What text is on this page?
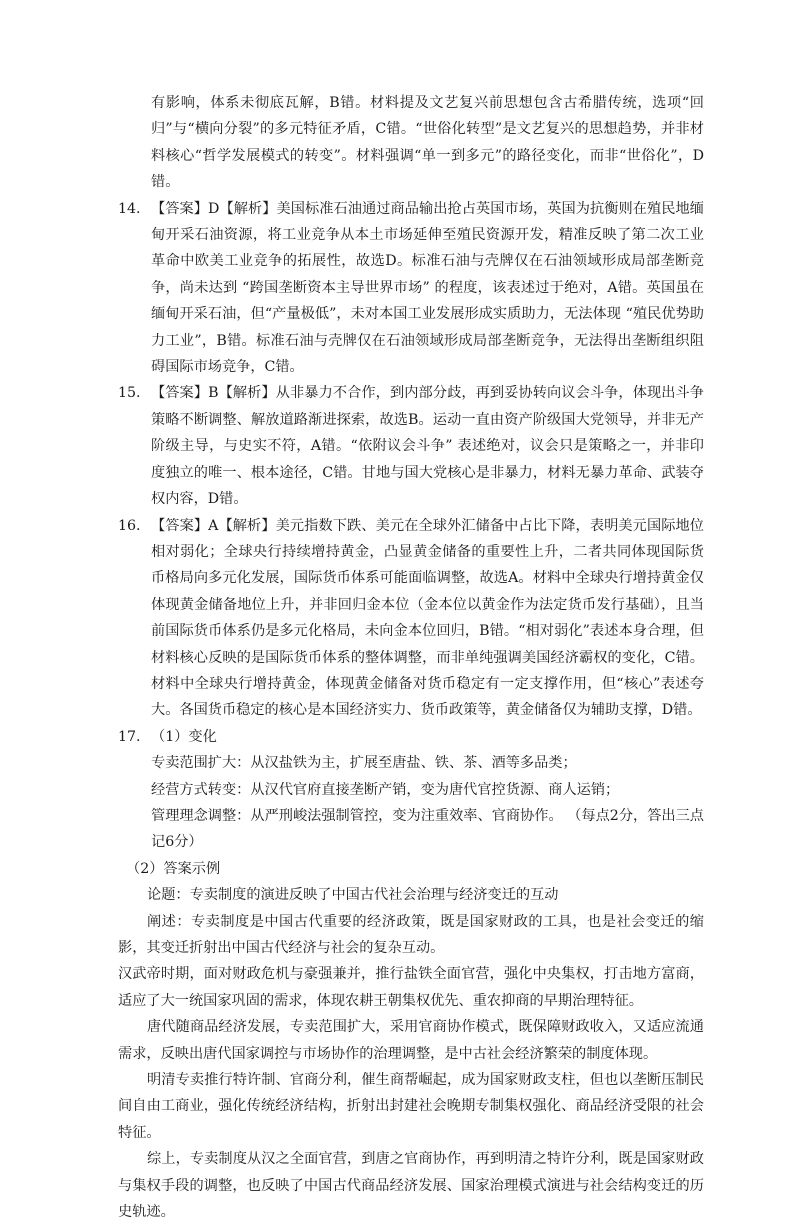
有影响，体系未彻底瓦解，B错。材料提及文艺复兴前思想包含古希腊传统，选项“回归”与“横向分裂”的多元特征矛盾，C错。“世俗化转型”是文艺复兴的思想趋势，并非材料核心“哲学发展模式的转变”。材料强调“单一到多元”的路径变化，而非“世俗化”，D错。

14. 【答案】D【解析】美国标准石油通过商品输出抢占英国市场，英国为抗衡则在殖民地缅甸开采石油资源，将工业竞争从本土市场延伸至殖民资源开发，精准反映了第二次工业革命中欧美工业竞争的拓展性，故选D。标准石油与壳牌仅在石油领域形成局部垄断竞争，尚未达到 “跨国垄断资本主导世界市场” 的程度，该表述过于绝对，A错。英国虽在缅甸开采石油，但“产量极低”，未对本国工业发展形成实质助力，无法体现 “殖民优势助力工业”，B错。标准石油与壳牌仅在石油领域形成局部垄断竞争，无法得出垄断组织阻碍国际市场竞争，C错。

15. 【答案】B【解析】从非暴力不合作，到内部分歧，再到妥协转向议会斗争，体现出斗争策略不断调整、解放道路渐进探索，故选B。运动一直由资产阶级国大党领导，并非无产阶级主导，与史实不符，A错。“依附议会斗争” 表述绝对，议会只是策略之一，并非印度独立的唯一、根本途径，C错。甘地与国大党核心是非暴力，材料无暴力革命、武装夺权内容，D错。

16. 【答案】A【解析】美元指数下跌、美元在全球外汇储备中占比下降，表明美元国际地位相对弱化；全球央行持续增持黄金，凸显黄金储备的重要性上升，二者共同体现国际货币格局向多元化发展，国际货币体系可能面临调整，故选A。材料中全球央行增持黄金仅体现黄金储备地位上升，并非回归金本位（金本位以黄金作为法定货币发行基础），且当前国际货币体系仍是多元化格局，未向金本位回归，B错。“相对弱化”表述本身合理，但材料核心反映的是国际货币体系的整体调整，而非单纯强调美国经济霸权的变化，C错。材料中全球央行增持黄金，体现黄金储备对货币稳定有一定支撑作用，但“核心”表述夸大。各国货币稳定的核心是本国经济实力、货币政策等，黄金储备仅为辅助支撑，D错。

17. （1）变化

专卖范围扩大：从汉盐铁为主，扩展至唐盐、铁、茶、酒等多品类；

经营方式转变：从汉代官府直接垄断产销，变为唐代官控货源、商人运销；

管理理念调整：从严刑峻法强制管控，变为注重效率、官商协作。 （每点2分，答出三点记6分）

（2）答案示例

论题：专卖制度的演进反映了中国古代社会治理与经济变迁的互动

阐述：专卖制度是中国古代重要的经济政策，既是国家财政的工具，也是社会变迁的缩影，其变迁折射出中国古代经济与社会的复杂互动。

汉武帝时期，面对财政危机与豪强兼并，推行盐铁全面官营，强化中央集权，打击地方富商，适应了大一统国家巩固的需求，体现农耕王朝集权优先、重农抑商的早期治理特征。

唐代随商品经济发展，专卖范围扩大，采用官商协作模式，既保障财政收入，又适应流通需求，反映出唐代国家调控与市场协作的治理调整，是中古社会经济繁荣的制度体现。

明清专卖推行特许制、官商分利，催生商帮崛起，成为国家财政支柱，但也以垄断压制民间自由工商业，强化传统经济结构，折射出封建社会晚期专制集权强化、商品经济受限的社会特征。

综上，专卖制度从汉之全面官营，到唐之官商协作，再到明清之特许分利，既是国家财政与集权手段的调整，也反映了中国古代商品经济发展、国家治理模式演进与社会结构变迁的历史轨迹。
